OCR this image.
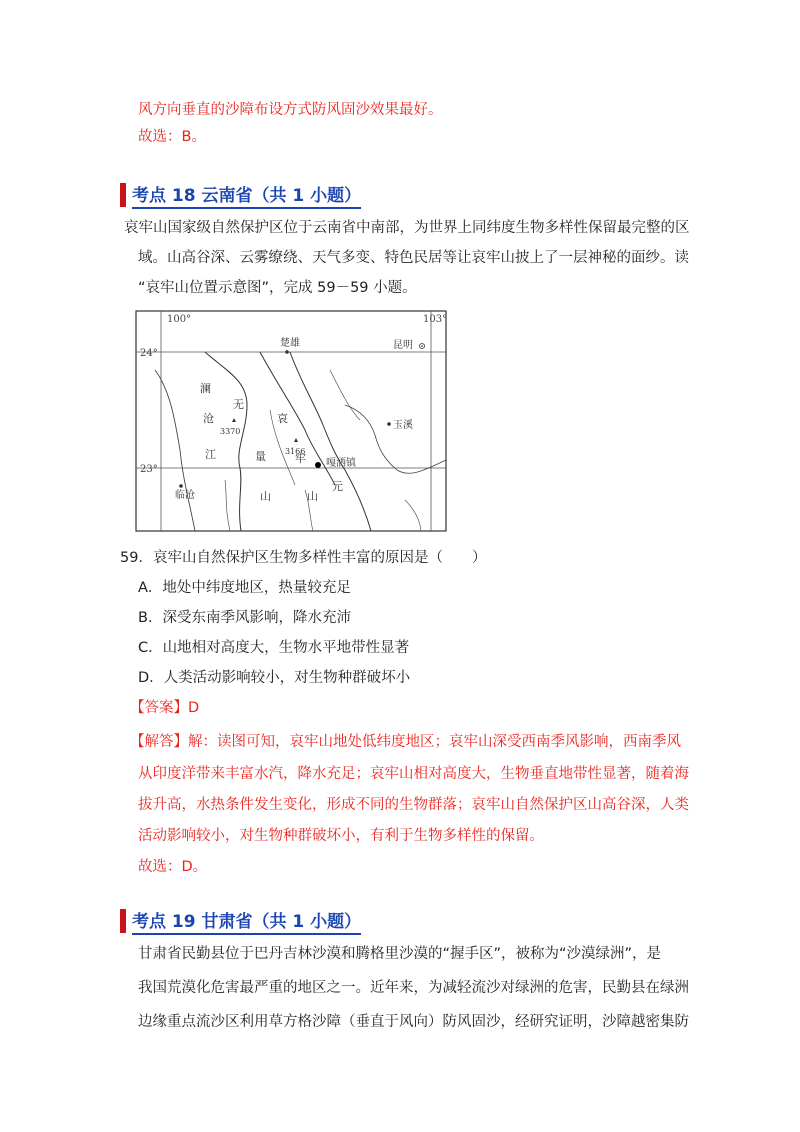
风方向垂直的沙障布设方式防风固沙效果最好。
故选：B。
考点 18 云南省（共 1 小题）
哀牢山国家级自然保护区位于云南省中南部，为世界上同纬度生物多样性保留最完整的区
域。山高谷深、云雾缭绕、天气多变、特色民居等让哀牢山披上了一层神秘的面纱。读
“哀牢山位置示意图”，完成 59－59 小题。
100°	103°
24°
23°
楚雄	昆明
玉溪
临沧
嘎洒镇
3370
3166
澜
沧
江
无
量
山
哀
牢
山
元
59．哀牢山自然保护区生物多样性丰富的原因是（　　）
A．地处中纬度地区，热量较充足
B．深受东南季风影响，降水充沛
C．山地相对高度大，生物水平地带性显著
D．人类活动影响较小，对生物种群破坏小
【答案】D
【解答】解：读图可知，哀牢山地处低纬度地区；哀牢山深受西南季风影响，西南季风
从印度洋带来丰富水汽，降水充足；哀牢山相对高度大，生物垂直地带性显著，随着海
拔升高，水热条件发生变化，形成不同的生物群落；哀牢山自然保护区山高谷深，人类
活动影响较小，对生物种群破坏小，有利于生物多样性的保留。
故选：D。
考点 19 甘肃省（共 1 小题）
甘肃省民勤县位于巴丹吉林沙漠和腾格里沙漠的“握手区”，被称为“沙漠绿洲”，是
我国荒漠化危害最严重的地区之一。近年来，为减轻流沙对绿洲的危害，民勤县在绿洲
边缘重点流沙区利用草方格沙障（垂直于风向）防风固沙，经研究证明，沙障越密集防
